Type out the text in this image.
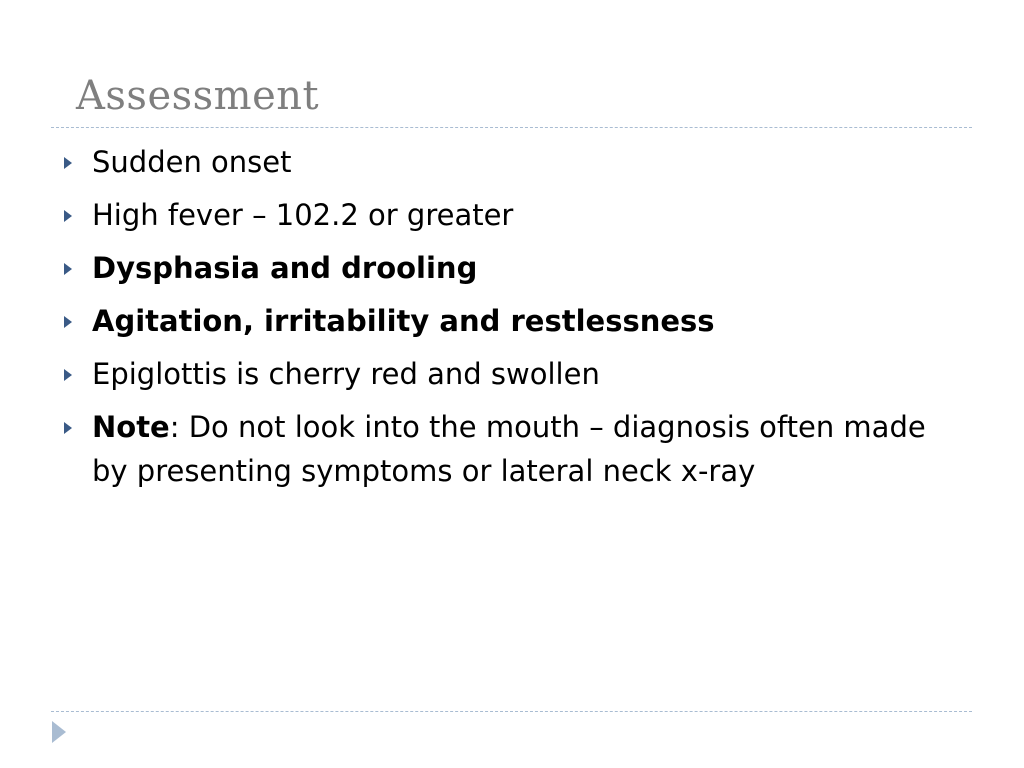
Assessment
Sudden onset
High fever – 102.2 or greater
Dysphasia and drooling
Agitation, irritability and restlessness
Epiglottis is cherry red and swollen
Note: Do not look into the mouth – diagnosis often made by presenting symptoms or lateral neck x-ray
